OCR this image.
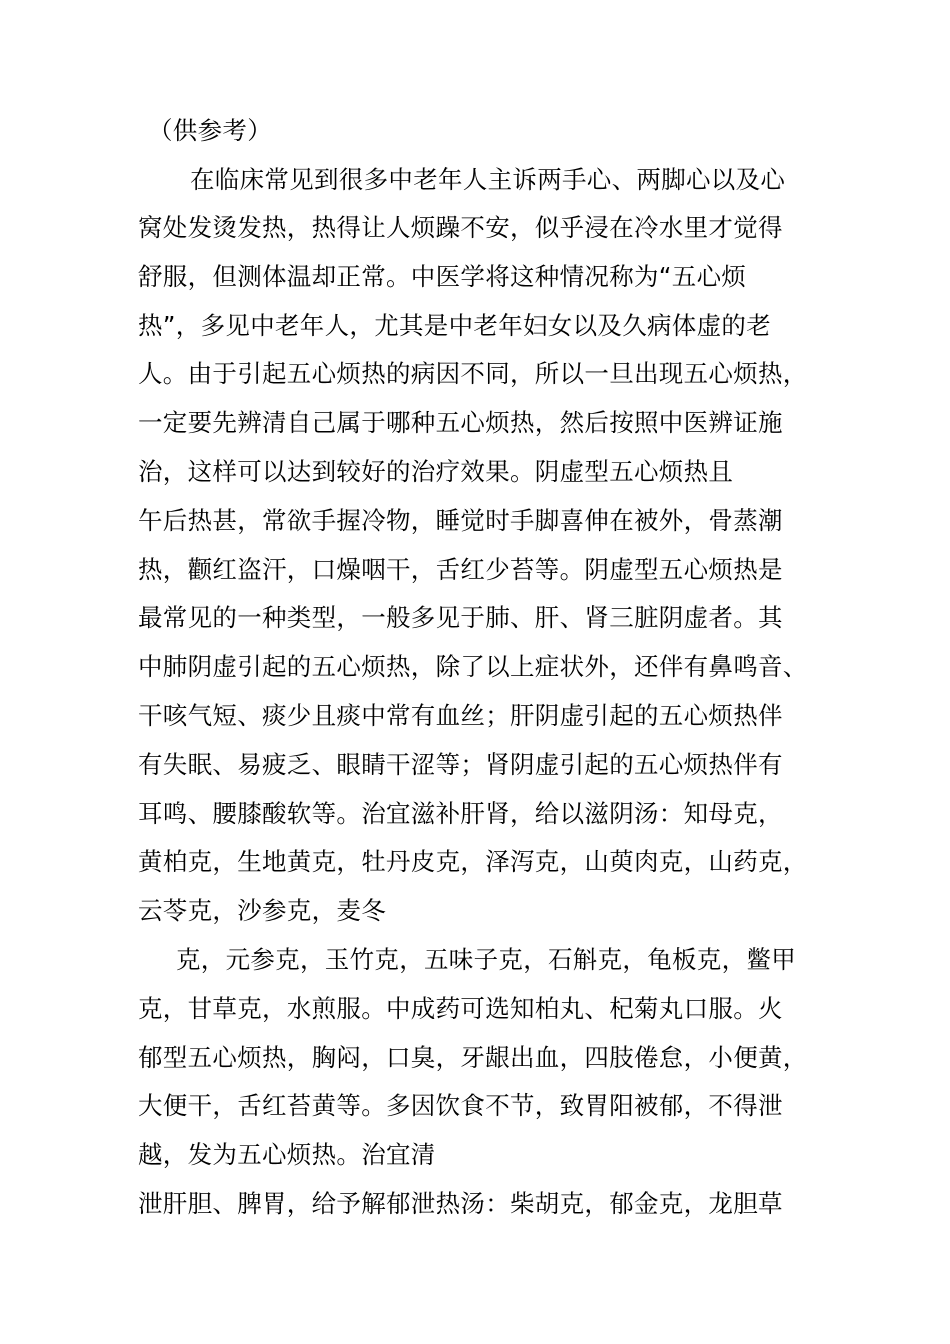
（供参考）
在临床常见到很多中老年人主诉两手心、两脚心以及心
窝处发烫发热，热得让人烦躁不安，似乎浸在冷水里才觉得
舒服，但测体温却正常。中医学将这种情况称为“五心烦
热”，多见中老年人，尤其是中老年妇女以及久病体虚的老
人。由于引起五心烦热的病因不同，所以一旦出现五心烦热，
一定要先辨清自己属于哪种五心烦热，然后按照中医辨证施
治，这样可以达到较好的治疗效果。阴虚型五心烦热且
午后热甚，常欲手握冷物，睡觉时手脚喜伸在被外，骨蒸潮
热，颧红盗汗，口燥咽干，舌红少苔等。阴虚型五心烦热是
最常见的一种类型，一般多见于肺、肝、肾三脏阴虚者。其
中肺阴虚引起的五心烦热，除了以上症状外，还伴有鼻鸣音、
干咳气短、痰少且痰中常有血丝；肝阴虚引起的五心烦热伴
有失眠、易疲乏、眼睛干涩等；肾阴虚引起的五心烦热伴有
耳鸣、腰膝酸软等。治宜滋补肝肾，给以滋阴汤：知母克，
黄柏克，生地黄克，牡丹皮克，泽泻克，山萸肉克，山药克，
云苓克，沙参克，麦冬
克，元参克，玉竹克，五味子克，石斛克，龟板克，鳖甲
克，甘草克，水煎服。中成药可选知柏丸、杞菊丸口服。火
郁型五心烦热，胸闷，口臭，牙龈出血，四肢倦怠，小便黄，
大便干，舌红苔黄等。多因饮食不节，致胃阳被郁，不得泄
越，发为五心烦热。治宜清
泄肝胆、脾胃，给予解郁泄热汤：柴胡克，郁金克，龙胆草
